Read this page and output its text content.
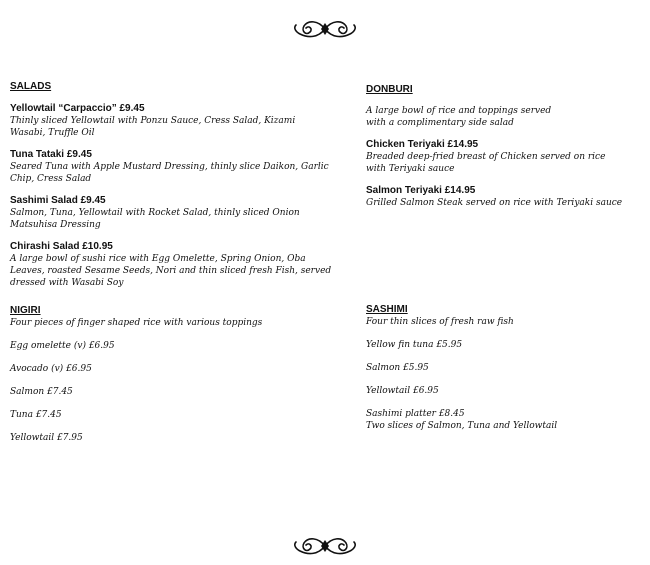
SALADS

Yellowtail “Carpaccio” £9.45

Thinly sliced Yellowtail with Ponzu Sauce, Cress Salad, Kizami
Wasabi, Truffle Oil

Tuna Tataki £9.45

Seared Tuna with Apple Mustard Dressing, thinly slice Daikon, Garlic
Chip, Cress Salad

Sashimi Salad £9.45

Salmon, Tuna, Yellowtail with Rocket Salad, thinly sliced Onion
Matsuhisa Dressing

Chirashi Salad £10.95

A large bowl of sushi rice with Egg Omelette, Spring Onion, Oba
Leaves, roasted Sesame Seeds, Nori and thin sliced fresh Fish, served
dressed with Wasabi Soy

NIGIRI

Four pieces of finger shaped rice with various toppings

Egg omelette (v) £6.95

Avocado (v) £6.95

Salmon £7.45

Tuna £7.45

Yellowtail £7.95

DONBURI

A large bowl of rice and toppings served
with a complimentary side salad

Chicken Teriyaki £14.95

Breaded deep-fried breast of Chicken served on rice
with Teriyaki sauce

Salmon Teriyaki £14.95

Grilled Salmon Steak served on rice with Teriyaki sauce

SASHIMI

Four thin slices of fresh raw fish

Yellow fin tuna £5.95

Salmon £5.95

Yellowtail £6.95

Sashimi platter £8.45

Two slices of Salmon, Tuna and Yellowtail
